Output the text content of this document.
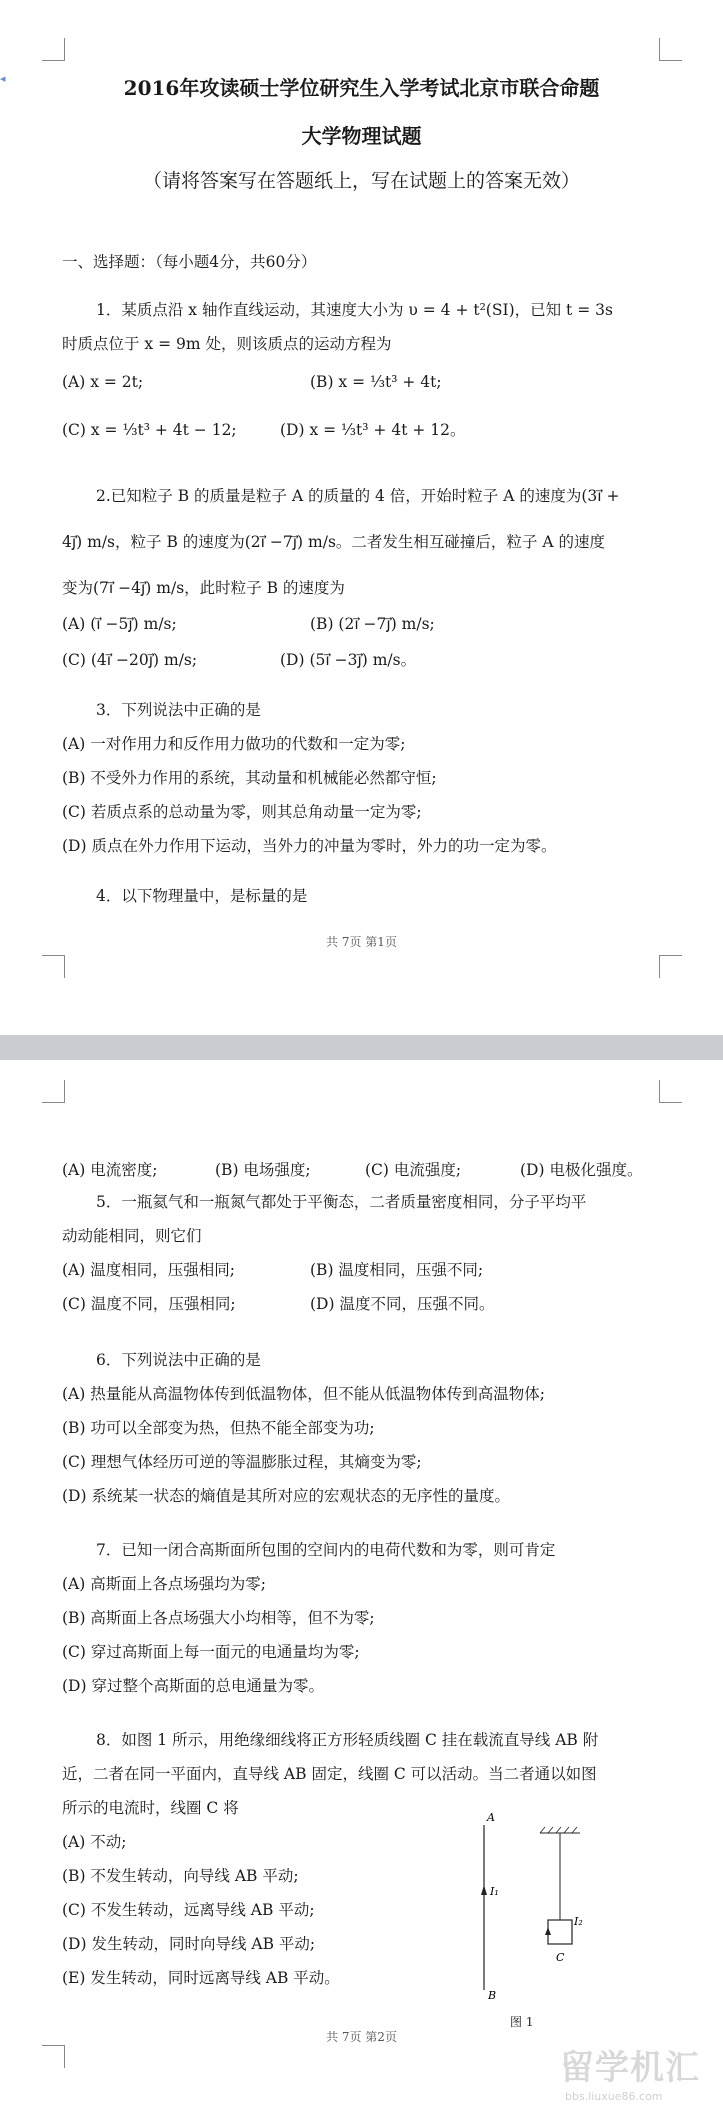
◂	2016年攻读硕士学位研究生入学考试北京市联合命题
大学物理试题
（请将答案写在答题纸上，写在试题上的答案无效）
一、选择题：（每小题4分，共60分）
1．某质点沿 x 轴作直线运动，其速度大小为 υ = 4 + t²(SI)，已知 t = 3s
时质点位于 x = 9m 处，则该质点的运动方程为
(A) x = 2t;	(B) x = ⅓t³ + 4t;
(C) x = ⅓t³ + 4t − 12;	(D) x = ⅓t³ + 4t + 12。
2.已知粒子 B 的质量是粒子 A 的质量的 4 倍，开始时粒子 A 的速度为(3i⃗ +
4j⃗) m/s，粒子 B 的速度为(2i⃗ −7j⃗) m/s。二者发生相互碰撞后，粒子 A 的速度
变为(7i⃗ −4j⃗) m/s，此时粒子 B 的速度为
(A) (i⃗ −5j⃗) m/s;	(B) (2i⃗ −7j⃗) m/s;
(C) (4i⃗ −20j⃗) m/s;	(D) (5i⃗ −3j⃗) m/s。
3．下列说法中正确的是
(A) 一对作用力和反作用力做功的代数和一定为零;
(B) 不受外力作用的系统，其动量和机械能必然都守恒;
(C) 若质点系的总动量为零，则其总角动量一定为零;
(D) 质点在外力作用下运动，当外力的冲量为零时，外力的功一定为零。
4．以下物理量中，是标量的是
共 7页 第1页
(A) 电流密度;	(B) 电场强度;	(C) 电流强度;	(D) 电极化强度。
5．一瓶氦气和一瓶氮气都处于平衡态，二者质量密度相同，分子平均平
动动能相同，则它们
(A) 温度相同，压强相同;	(B) 温度相同，压强不同;
(C) 温度不同，压强相同;	(D) 温度不同，压强不同。
6．下列说法中正确的是
(A) 热量能从高温物体传到低温物体，但不能从低温物体传到高温物体;
(B) 功可以全部变为热，但热不能全部变为功;
(C) 理想气体经历可逆的等温膨胀过程，其熵变为零;
(D) 系统某一状态的熵值是其所对应的宏观状态的无序性的量度。
7．已知一闭合高斯面所包围的空间内的电荷代数和为零，则可肯定
(A) 高斯面上各点场强均为零;
(B) 高斯面上各点场强大小均相等，但不为零;
(C) 穿过高斯面上每一面元的电通量均为零;
(D) 穿过整个高斯面的总电通量为零。
8．如图 1 所示，用绝缘细线将正方形轻质线圈 C 挂在载流直导线 AB 附
近，二者在同一平面内，直导线 AB 固定，线圈 C 可以活动。当二者通以如图
所示的电流时，线圈 C 将
(A) 不动;
(B) 不发生转动，向导线 AB 平动;
(C) 不发生转动，远离导线 AB 平动;
(D) 发生转动，同时向导线 AB 平动;
(E) 发生转动，同时远离导线 AB 平动。
A
B
I₁
I₂
C
图 1
共 7页 第2页
留学机汇
bbs.liuxue86.com
